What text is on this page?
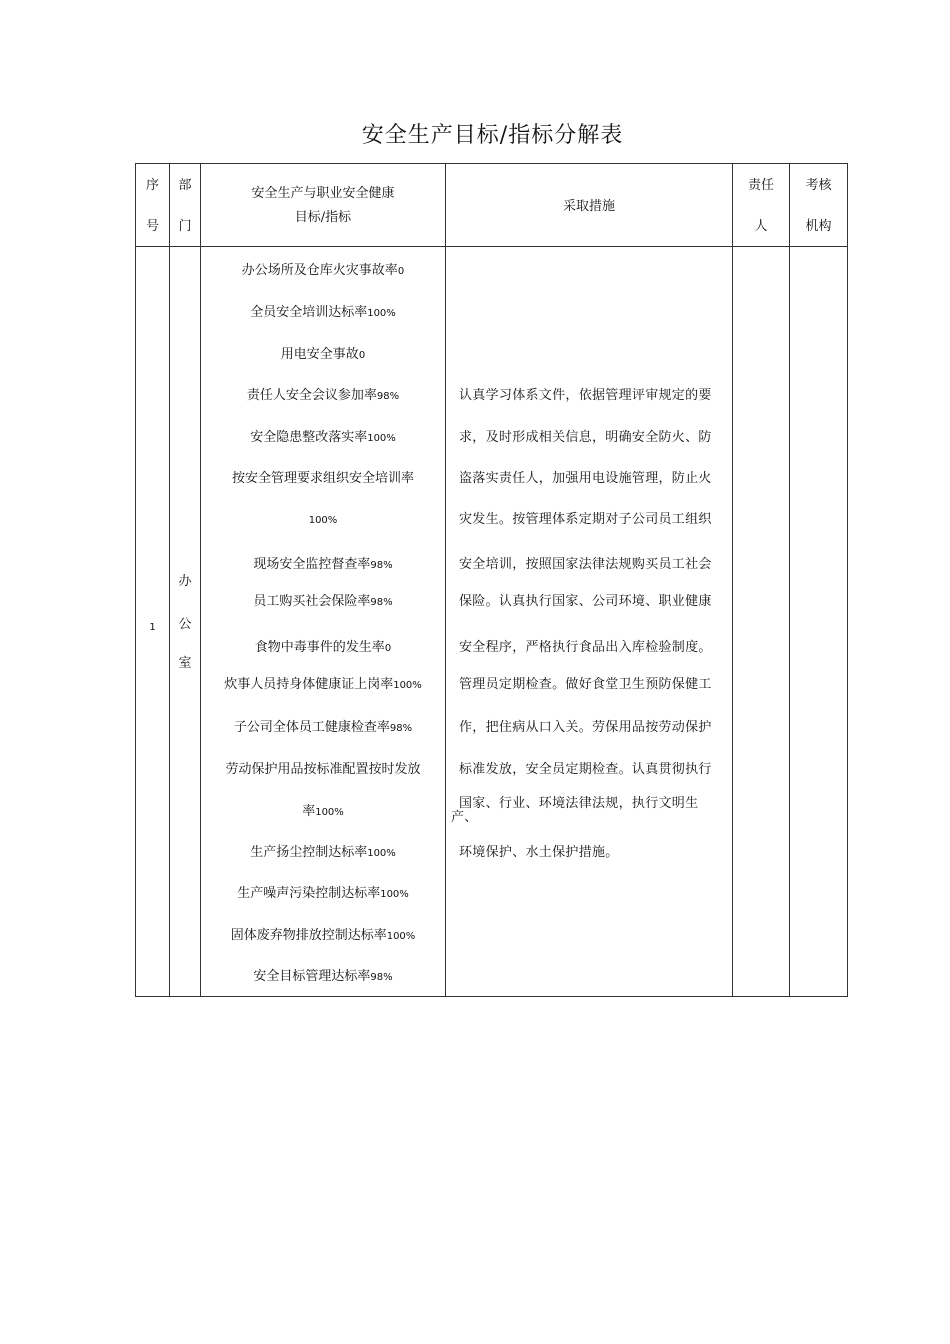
安全生产目标/指标分解表
序
号
部
门
安全生产与职业安全健康
目标/指标
采取措施
责任
人
考核
机构
1
办
公
室
办公场所及仓库火灾事故率0
全员安全培训达标率100%
用电安全事故0
责任人安全会议参加率98%
安全隐患整改落实率100%
按安全管理要求组织安全培训率
100%
现场安全监控督查率98%
员工购买社会保险率98%
食物中毒事件的发生率0
炊事人员持身体健康证上岗率100%
子公司全体员工健康检查率98%
劳动保护用品按标准配置按时发放
率100%
生产扬尘控制达标率100%
生产噪声污染控制达标率100%
固体废弃物排放控制达标率100%
安全目标管理达标率98%
认真学习体系文件，依据管理评审规定的要
求，及时形成相关信息，明确安全防火、防
盗落实责任人，加强用电设施管理，防止火
灾发生。按管理体系定期对子公司员工组织
安全培训，按照国家法律法规购买员工社会
保险。认真执行国家、公司环境、职业健康
安全程序，严格执行食品出入库检验制度。
管理员定期检查。做好食堂卫生预防保健工
作，把住病从口入关。劳保用品按劳动保护
标准发放，安全员定期检查。认真贯彻执行
国家、行业、环境法律法规，执行文明生
产、
环境保护、水土保护措施。
